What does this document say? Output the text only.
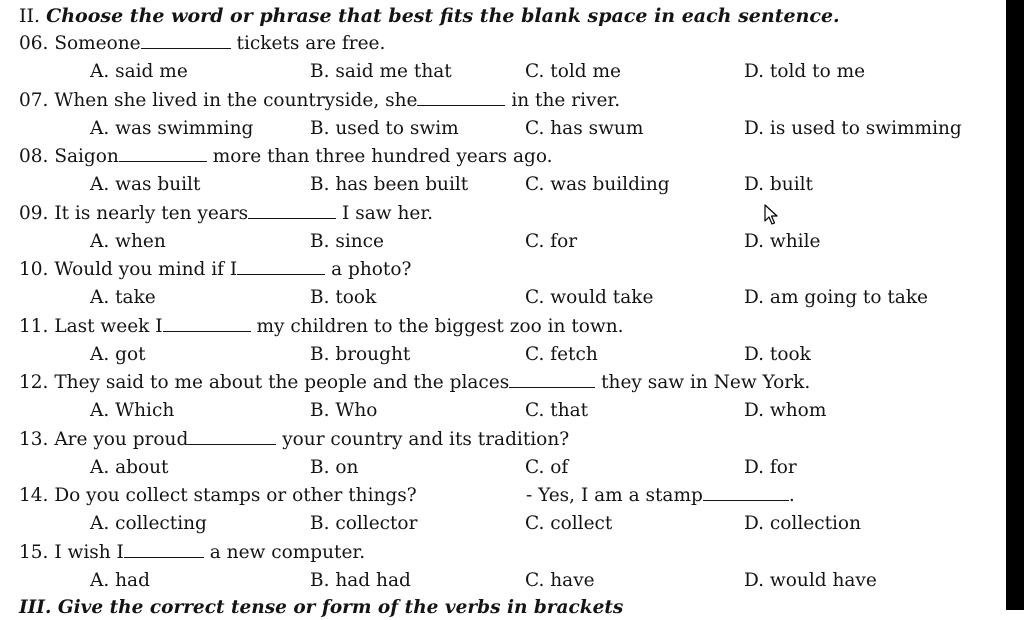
II. Choose the word or phrase that best fits the blank space in each sentence.
06. Someone	tickets are free.
A. said me	B. said me that	C. told me	D. told to me
07. When she lived in the countryside, she	in the river.
A. was swimming	B. used to swim	C. has swum	D. is used to swimming
08. Saigon	more than three hundred years ago.
A. was built	B. has been built	C. was building	D. built
09. It is nearly ten years	I saw her.
A. when	B. since	C. for	D. while
10. Would you mind if I	a photo?
A. take	B. took	C. would take	D. am going to take
11. Last week I	my children to the biggest zoo in town.
A. got	B. brought	C. fetch	D. took
12. They said to me about the people and the places	they saw in New York.
A. Which	B. Who	C. that	D. whom
13. Are you proud	your country and its tradition?
A. about	B. on	C. of	D. for
14. Do you collect stamps or other things?	- Yes, I am a stamp	.
A. collecting	B. collector	C. collect	D. collection
15. I wish I	a new computer.
A. had	B. had had	C. have	D. would have
III. Give the correct tense or form of the verbs in brackets
